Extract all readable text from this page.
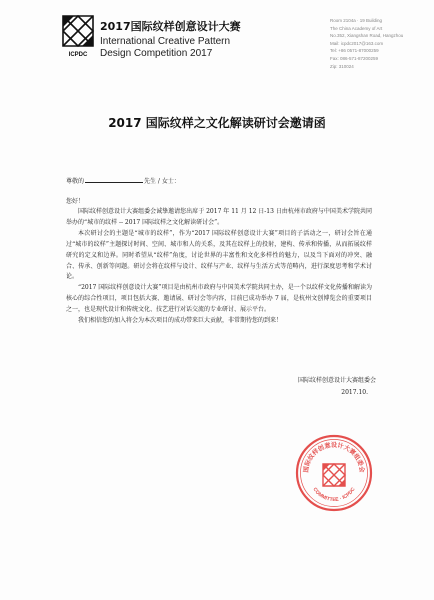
ICPDC
2017国际纹样创意设计大赛
International Creative Pattern
Design Competition 2017
Room 2104a · 19 Building
The China Academy of Art
No.352, Xiangshan Road, Hangzhou
Mail: icpdc2017@163.com
Tel: +86 0571-87000259
Fax: 086-571-87200259
Zip: 310024
2017 国际纹样之文化解读研讨会邀请函
尊敬的	先生 / 女士：
您好！

国际纹样创意设计大赛组委会诚挚邀请您出席于 2017 年 11 月 12 日-13 日由杭州市政府与中国美术学院共同举办的“城市的纹样 -- 2017 国际纹样之文化解读研讨会”。

本次研讨会的主题是“城市的纹样”，作为“2017 国际纹样创意设计大赛”项目的子活动之一，研讨会旨在通过“城市的纹样”主题探讨时间、空间、城市和人的关系，及其在纹样上的投射，建构、传承和传播，从而拓展纹样研究的定义和边界。同时希望从“纹样”角度，讨论世界的丰富性和文化多样性的魅力，以及当下面对的冲突、融合、传承、创新等问题。研讨会将在纹样与设计、纹样与产业、纹样与生活方式等范畴内，进行深度思考和学术讨论。

“2017 国际纹样创意设计大赛”项目是由杭州市政府与中国美术学院共同主办，是一个以纹样文化传播和解读为核心的综合性项目，项目包括大赛、邀请展、研讨会等内容，目前已成功举办 7 届，是杭州文创博览会的重要项目之一，也是现代设计和传统文化、技艺进行对话交流的专业研讨、展示平台。

我们相信您的加入将会为本次项目的成功带来巨大贡献，非常期待您的到来！

国际纹样创意设计大赛组委会
2017.10.
国际纹样创意设计大赛组委会
COMMITTEE · ICPDC
